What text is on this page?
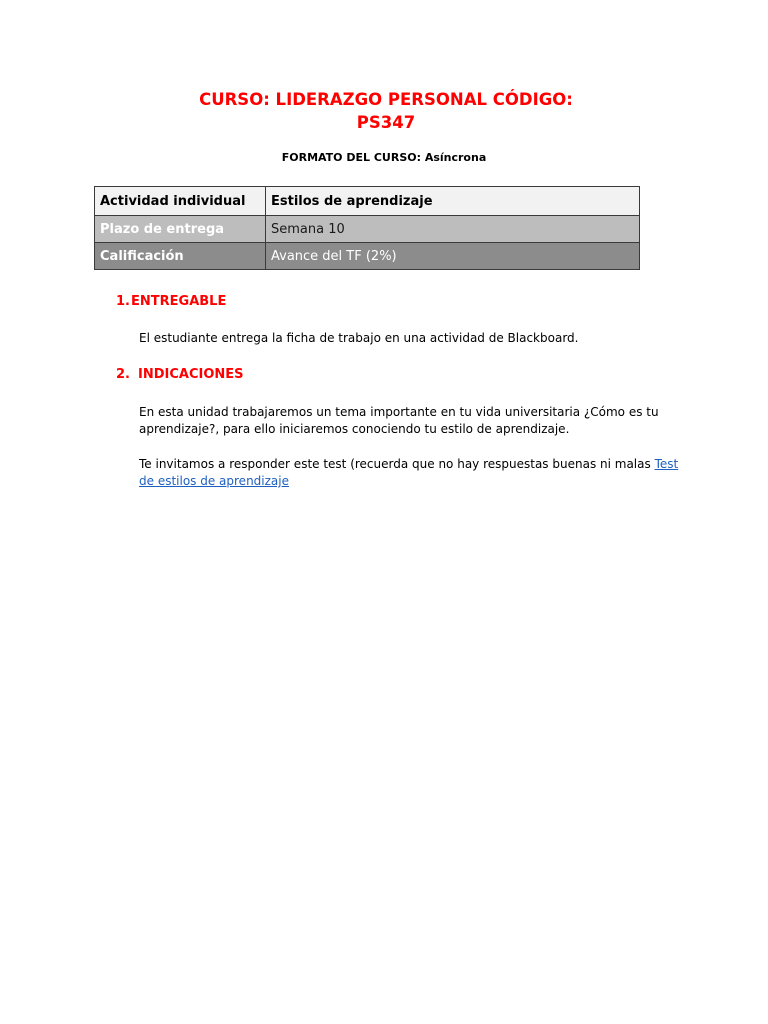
CURSO: LIDERAZGO PERSONAL CÓDIGO:
PS347
FORMATO DEL CURSO: Asíncrona
Actividad individual	Estilos de aprendizaje
Plazo de entrega	Semana 10
Calificación	Avance del TF (2%)
1.ENTREGABLE
El estudiante entrega la ficha de trabajo en una actividad de Blackboard.
2. INDICACIONES
En esta unidad trabajaremos un tema importante en tu vida universitaria ¿Cómo es tu aprendizaje?, para ello iniciaremos conociendo tu estilo de aprendizaje.
Te invitamos a responder este test (recuerda que no hay respuestas buenas ni malas Test de estilos de aprendizaje
